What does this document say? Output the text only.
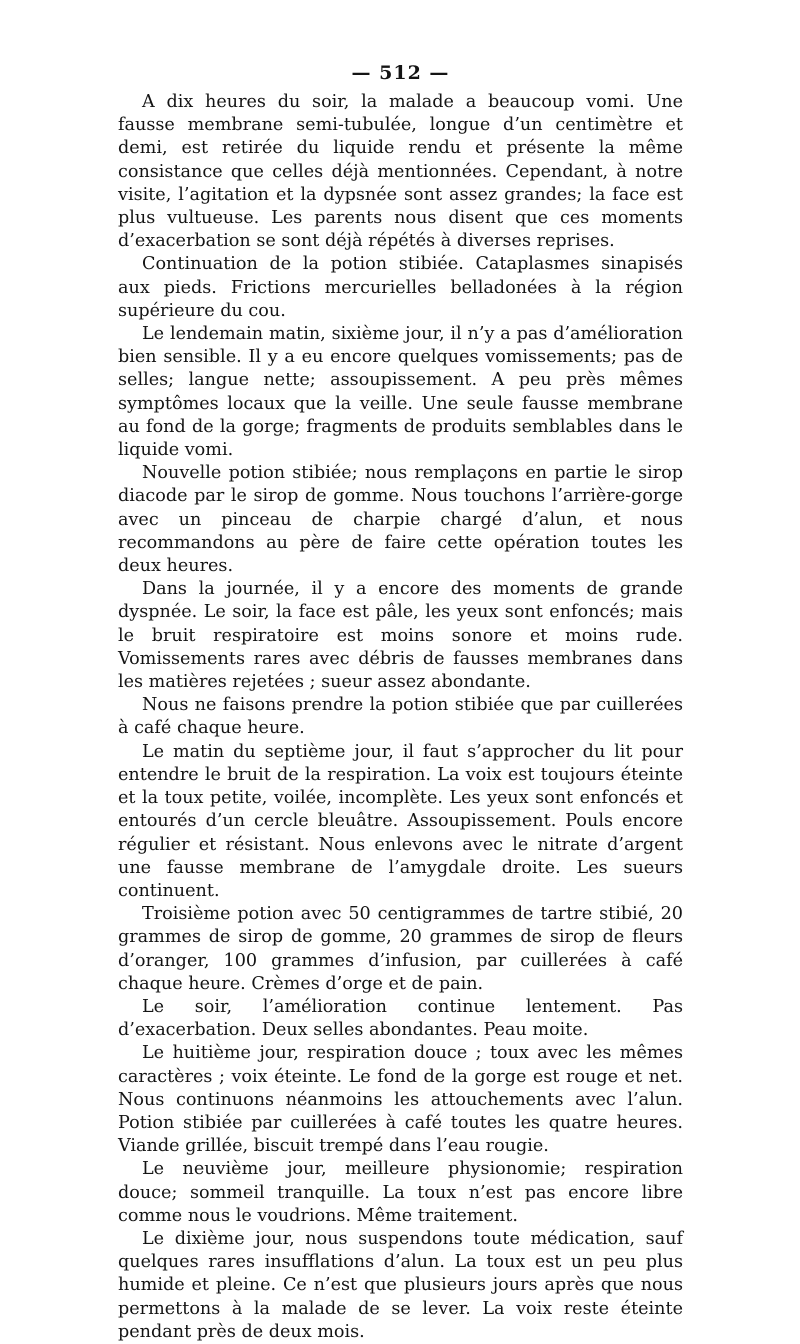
— 512 —

A dix heures du soir, la malade a beaucoup vomi. Une fausse membrane semi-tubulée, longue d’un centimètre et demi, est retirée du liquide rendu et présente la même consistance que celles déjà mentionnées. Cependant, à notre visite, l’agitation et la dypsnée sont assez grandes; la face est plus vultueuse. Les parents nous disent que ces moments d’exacerbation se sont déjà répétés à diverses reprises.

Continuation de la potion stibiée. Cataplasmes sinapisés aux pieds. Frictions mercurielles belladonées à la région supérieure du cou.

Le lendemain matin, sixième jour, il n’y a pas d’amélioration bien sensible. Il y a eu encore quelques vomissements; pas de selles; langue nette; assoupissement. A peu près mêmes symptômes locaux que la veille. Une seule fausse membrane au fond de la gorge; fragments de produits semblables dans le liquide vomi.

Nouvelle potion stibiée; nous remplaçons en partie le sirop diacode par le sirop de gomme. Nous touchons l’arrière-gorge avec un pinceau de charpie chargé d’alun, et nous recommandons au père de faire cette opération toutes les deux heures.

Dans la journée, il y a encore des moments de grande dyspnée. Le soir, la face est pâle, les yeux sont enfoncés; mais le bruit respiratoire est moins sonore et moins rude. Vomissements rares avec débris de fausses membranes dans les matières rejetées ; sueur assez abondante.

Nous ne faisons prendre la potion stibiée que par cuillerées à café chaque heure.

Le matin du septième jour, il faut s’approcher du lit pour entendre le bruit de la respiration. La voix est toujours éteinte et la toux petite, voilée, incomplète. Les yeux sont enfoncés et entourés d’un cercle bleuâtre. Assoupissement. Pouls encore régulier et résistant. Nous enlevons avec le nitrate d’argent une fausse membrane de l’amygdale droite. Les sueurs continuent.

Troisième potion avec 50 centigrammes de tartre stibié, 20 grammes de sirop de gomme, 20 grammes de sirop de fleurs d’oranger, 100 grammes d’infusion, par cuillerées à café chaque heure. Crèmes d’orge et de pain.

Le soir, l’amélioration continue lentement. Pas d’exacerbation. Deux selles abondantes. Peau moite.

Le huitième jour, respiration douce ; toux avec les mêmes caractères ; voix éteinte. Le fond de la gorge est rouge et net. Nous continuons néanmoins les attouchements avec l’alun. Potion stibiée par cuillerées à café toutes les quatre heures. Viande grillée, biscuit trempé dans l’eau rougie.

Le neuvième jour, meilleure physionomie; respiration douce; sommeil tranquille. La toux n’est pas encore libre comme nous le voudrions. Même traitement.

Le dixième jour, nous suspendons toute médication, sauf quelques rares insufflations d’alun. La toux est un peu plus humide et pleine. Ce n’est que plusieurs jours après que nous permettons à la malade de se lever. La voix reste éteinte pendant près de deux mois.
